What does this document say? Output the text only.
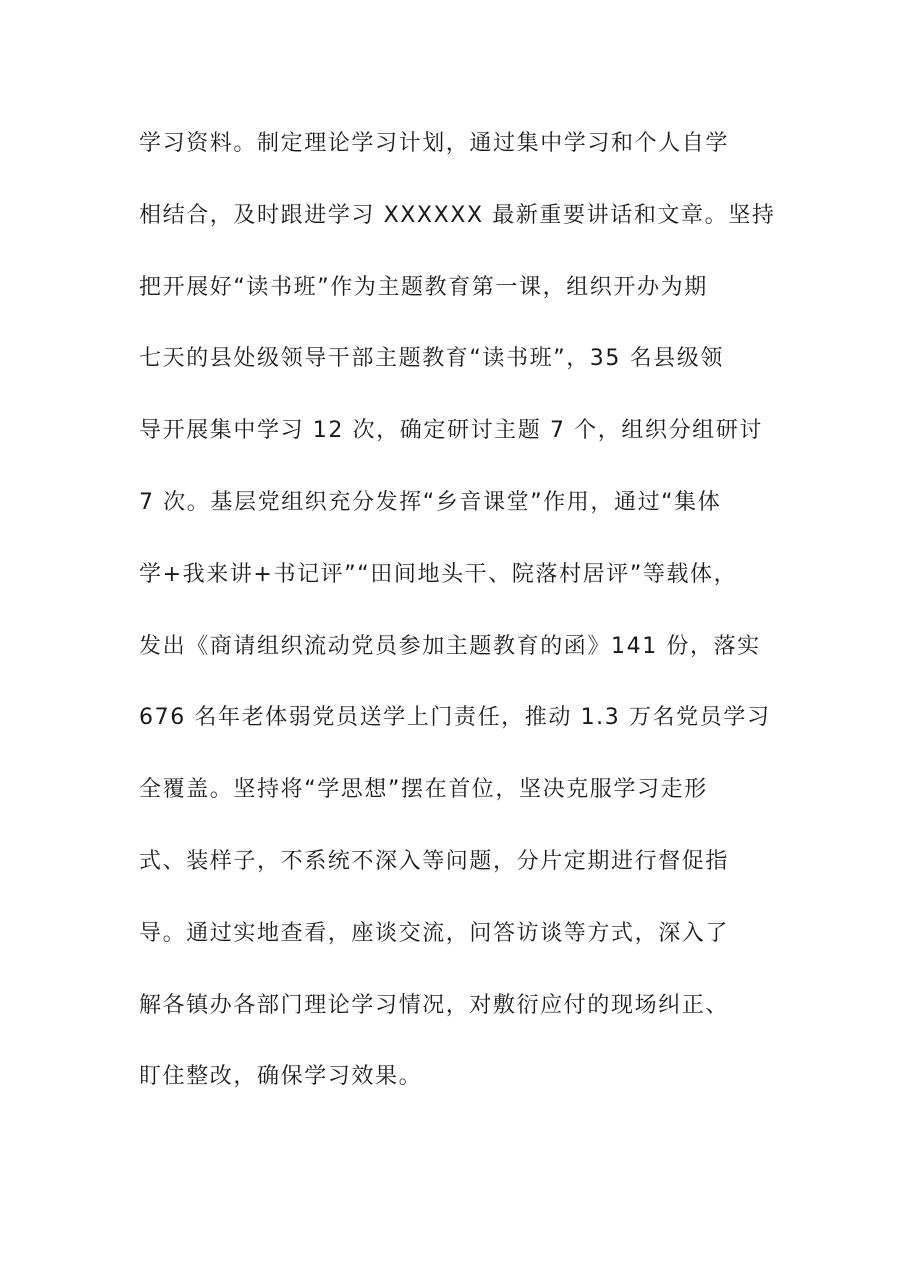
学习资料。制定理论学习计划，通过集中学习和个人自学
相结合，及时跟进学习 XXXXXX 最新重要讲话和文章。坚持
把开展好“读书班”作为主题教育第一课，组织开办为期
七天的县处级领导干部主题教育“读书班”，35 名县级领
导开展集中学习 12 次，确定研讨主题 7 个，组织分组研讨
7 次。基层党组织充分发挥“乡音课堂”作用，通过“集体
学+我来讲+书记评”“田间地头干、院落村居评”等载体，
发出《商请组织流动党员参加主题教育的函》141 份，落实
676 名年老体弱党员送学上门责任，推动 1.3 万名党员学习
全覆盖。坚持将“学思想”摆在首位，坚决克服学习走形
式、装样子，不系统不深入等问题，分片定期进行督促指
导。通过实地查看，座谈交流，问答访谈等方式，深入了
解各镇办各部门理论学习情况，对敷衍应付的现场纠正、
盯住整改，确保学习效果。
